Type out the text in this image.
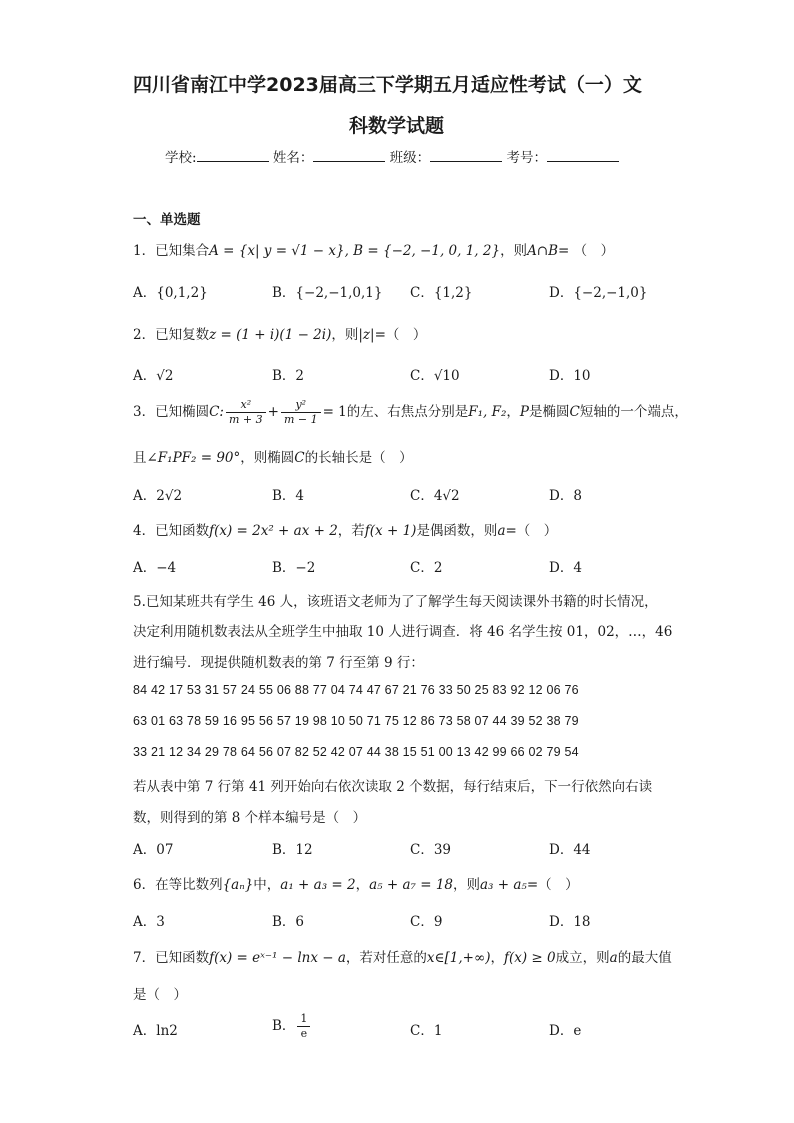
四川省南江中学2023届高三下学期五月适应性考试（一）文
科数学试题
学校:	姓名：	班级：	考号：
一、单选题
1．已知集合A = {x| y = √1 − x}, B = {−2, −1, 0, 1, 2}，则A∩B= （　）
A．{0,1,2}	B．{−2,−1,0,1} C．{1,2}	D．{−2,−1,0}
2．已知复数z = (1 + i)(1 − 2i)，则|z|=（　）
A．√2	B．2	C．√10	D．10
3．已知椭圆C: $\frac{\text{x²}}{m + 3} + \frac{\text{y²}}{m - 1} = 1$的左、右焦点分别是F₁, F₂，P是椭圆C短轴的一个端点，
且∠F₁PF₂ = 90°，则椭圆C的长轴长是（　）
A．2√2	B．4	C．4√2	D．8
4．已知函数f(x) = 2x² + ax + 2，若f(x + 1)是偶函数，则a=（　）
A．−4	B．−2	C．2	D．4
5.已知某班共有学生 46 人，该班语文老师为了了解学生每天阅读课外书籍的时长情况，
决定利用随机数表法从全班学生中抽取 10 人进行调查．将 46 名学生按 01，02，…，46
进行编号．现提供随机数表的第 7 行至第 9 行：
84 42 17 53 31 57 24 55 06 88 77 04 74 47 67 21 76 33 50 25 83 92 12 06 76
63 01 63 78 59 16 95 56 57 19 98 10 50 71 75 12 86 73 58 07 44 39 52 38 79
33 21 12 34 29 78 64 56 07 82 52 42 07 44 38 15 51 00 13 42 99 66 02 79 54
若从表中第 7 行第 41 列开始向右依次读取 2 个数据，每行结束后，下一行依然向右读
数，则得到的第 8 个样本编号是（　）
A．07	B．12	C．39	D．44
6．在等比数列{aₙ}中，a₁ + a₃ = 2，a₅ + a₇ = 18，则a₃ + a₅=（　）
A．3	B．6	C．9	D．18
7．已知函数f(x) = eˣ⁻¹ − lnx − a，若对任意的x∈[1,+∞)，f(x) ≥ 0成立，则a的最大值
是（　）
A．ln2	B． $\frac{1}{e}$	C．1	D．e
